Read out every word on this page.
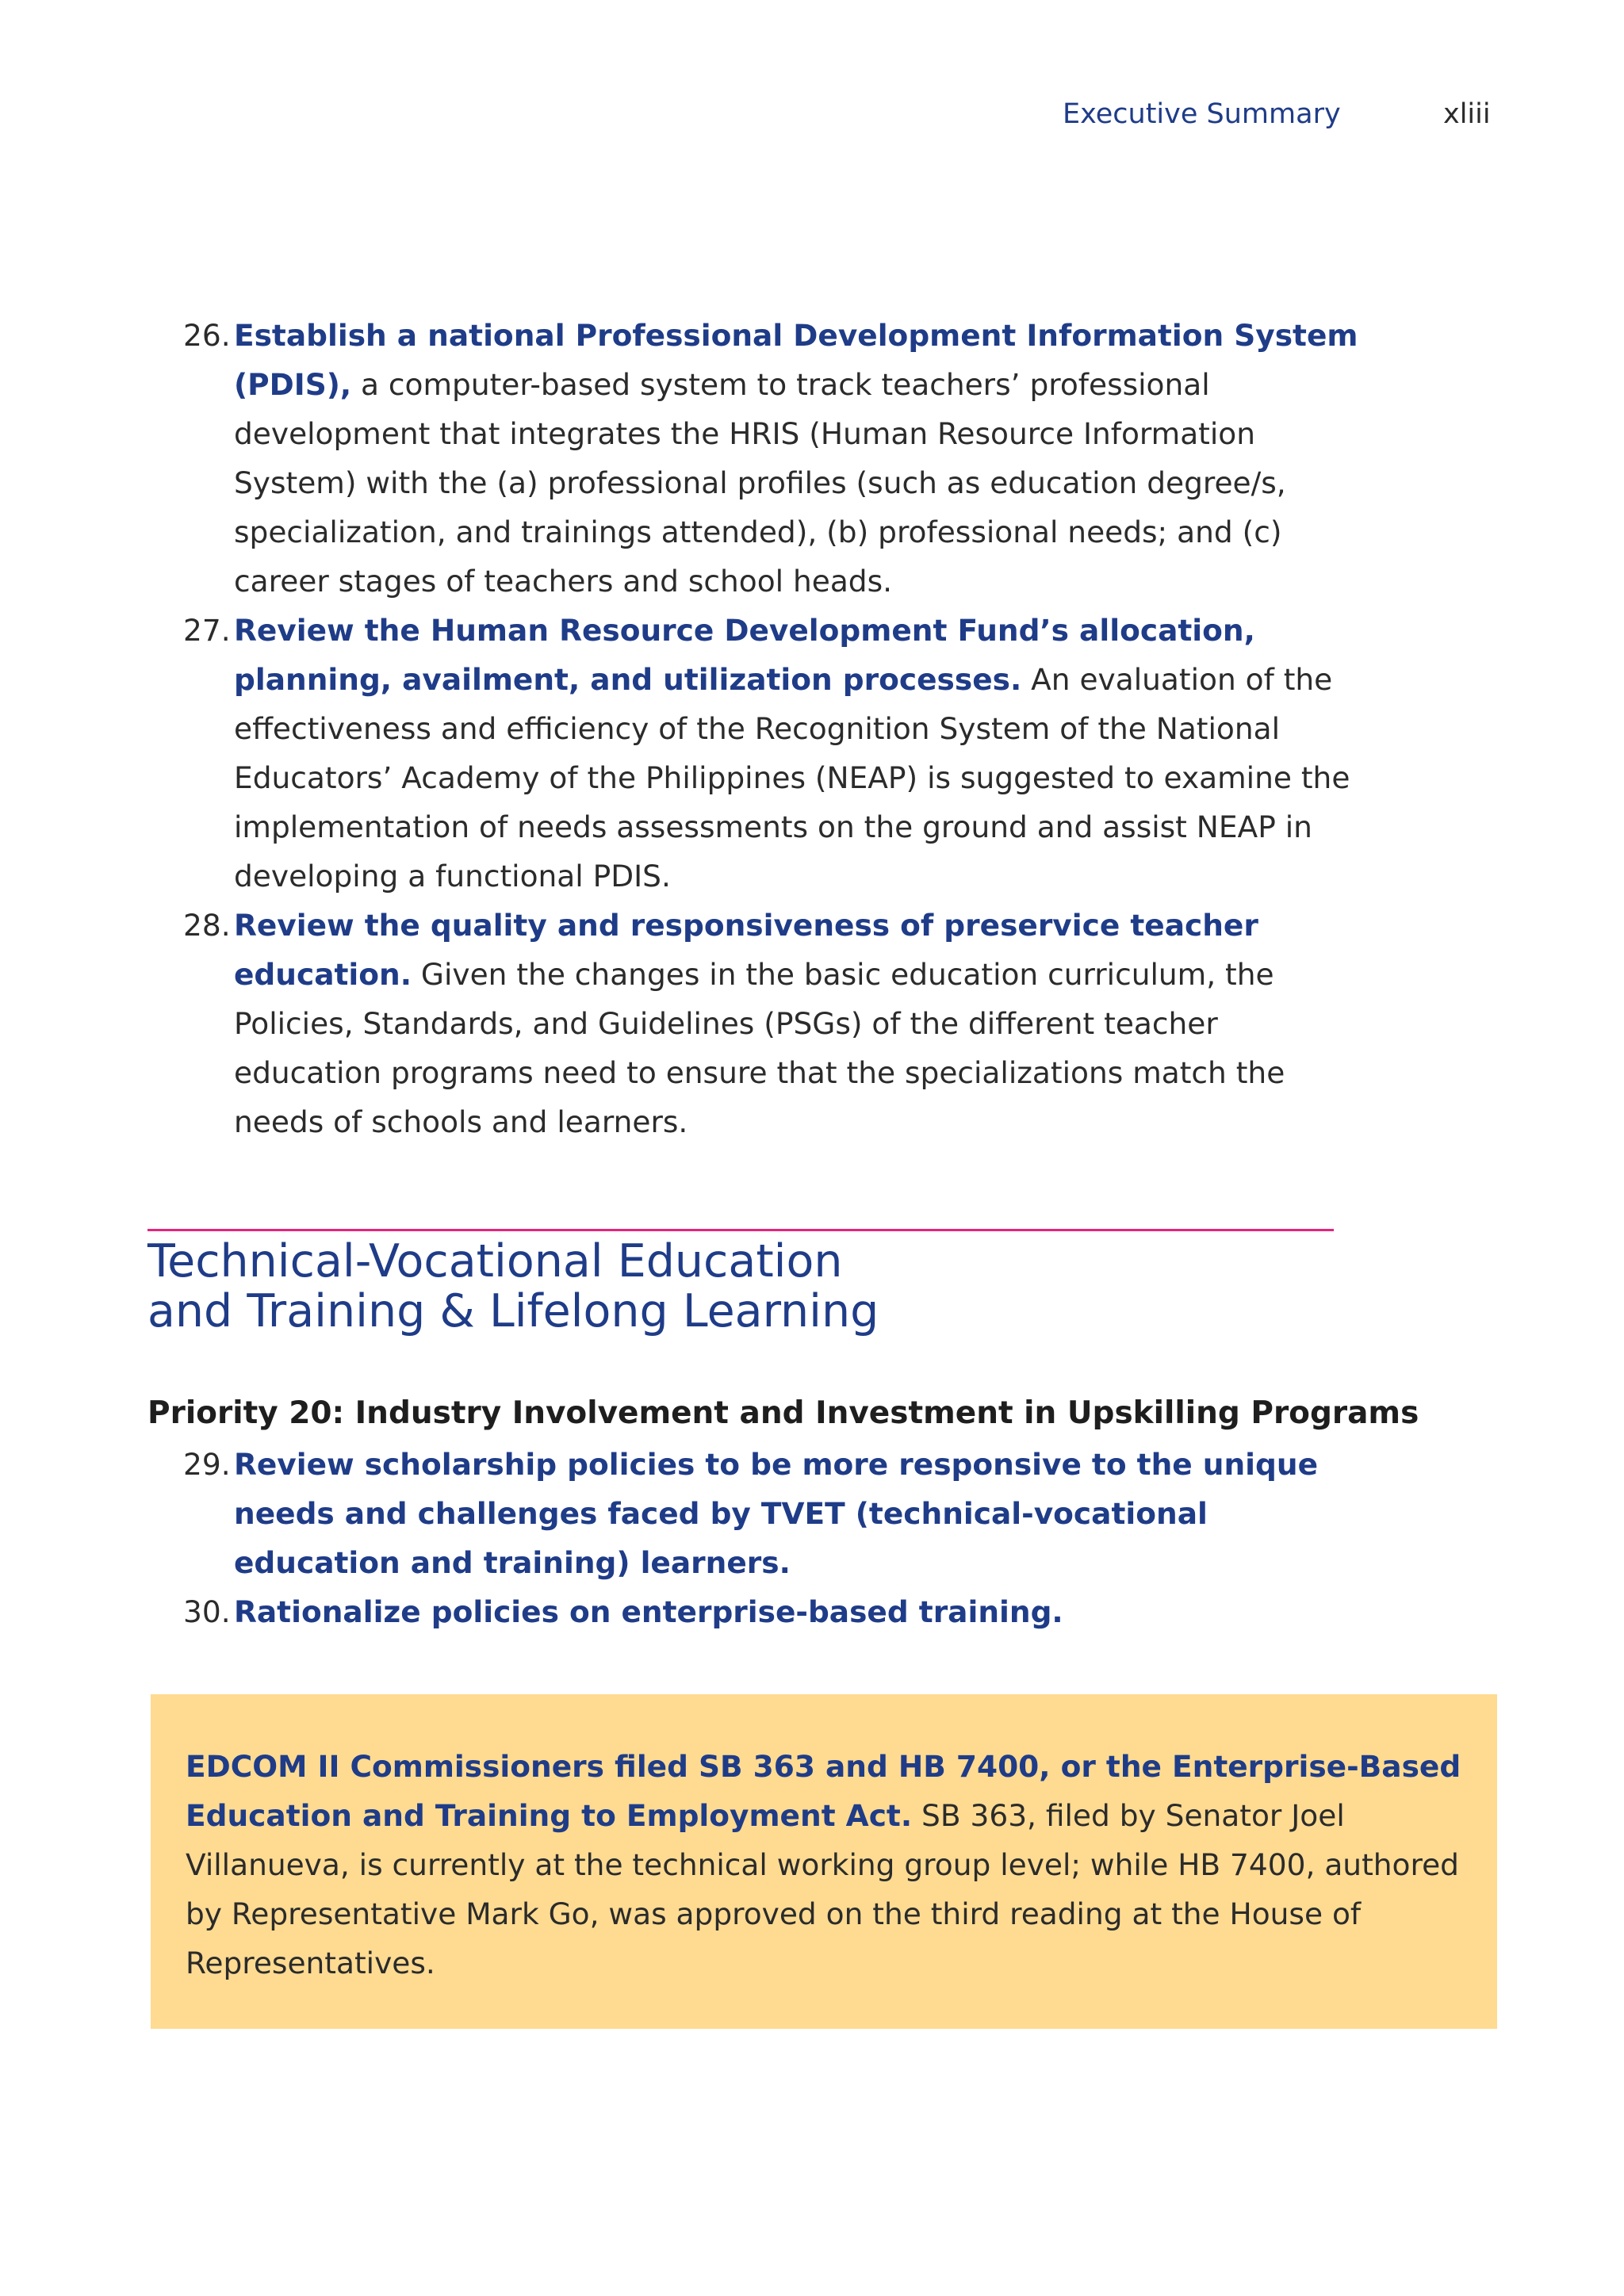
Executive Summary	xliii
26. Establish a national Professional Development Information System (PDIS), a computer-based system to track teachers’ professional development that integrates the HRIS (Human Resource Information System) with the (a) professional profiles (such as education degree/s, specialization, and trainings attended), (b) professional needs; and (c) career stages of teachers and school heads.
27. Review the Human Resource Development Fund’s allocation, planning, availment, and utilization processes. An evaluation of the effectiveness and efficiency of the Recognition System of the National Educators’ Academy of the Philippines (NEAP) is suggested to examine the implementation of needs assessments on the ground and assist NEAP in developing a functional PDIS.
28. Review the quality and responsiveness of preservice teacher education. Given the changes in the basic education curriculum, the Policies, Standards, and Guidelines (PSGs) of the different teacher education programs need to ensure that the specializations match the needs of schools and learners.
Technical-Vocational Education
and Training & Lifelong Learning
Priority 20: Industry Involvement and Investment in Upskilling Programs
29. Review scholarship policies to be more responsive to the unique needs and challenges faced by TVET (technical-vocational education and training) learners.
30. Rationalize policies on enterprise-based training.
EDCOM II Commissioners filed SB 363 and HB 7400, or the Enterprise-Based Education and Training to Employment Act. SB 363, filed by Senator Joel Villanueva, is currently at the technical working group level; while HB 7400, authored by Representative Mark Go, was approved on the third reading at the House of Representatives.
